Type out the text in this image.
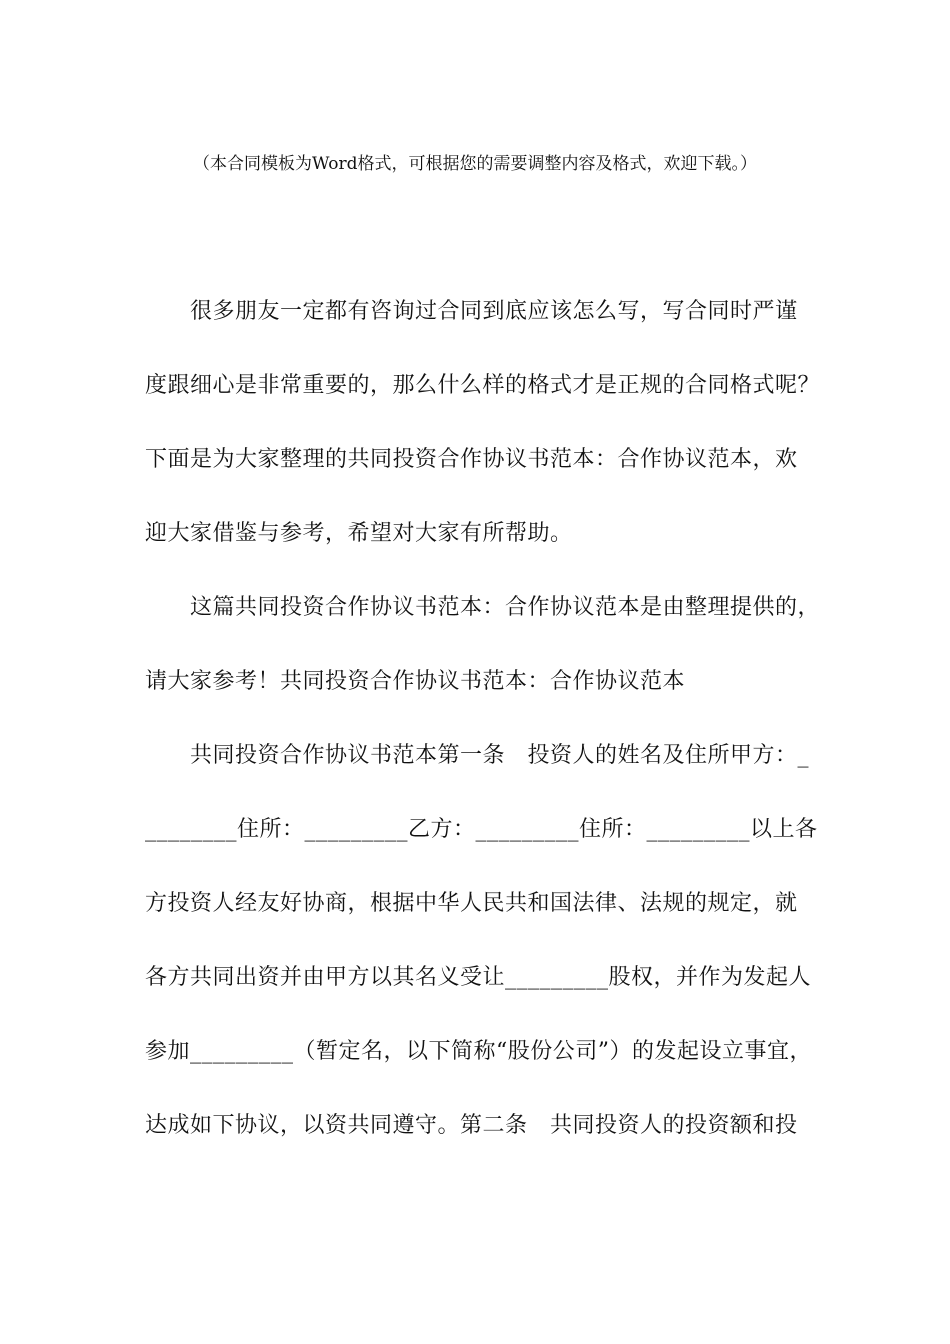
（本合同模板为Word格式，可根据您的需要调整内容及格式，欢迎下载。）
　　很多朋友一定都有咨询过合同到底应该怎么写，写合同时严谨
度跟细心是非常重要的，那么什么样的格式才是正规的合同格式呢？
下面是为大家整理的共同投资合作协议书范本：合作协议范本，欢
迎大家借鉴与参考，希望对大家有所帮助。
　　这篇共同投资合作协议书范本：合作协议范本是由整理提供的，
请大家参考！共同投资合作协议书范本：合作协议范本
　　共同投资合作协议书范本第一条　投资人的姓名及住所甲方：_
________住所：_________乙方：_________住所：_________以上各
方投资人经友好协商，根据中华人民共和国法律、法规的规定，就
各方共同出资并由甲方以其名义受让_________股权，并作为发起人
参加_________（暂定名，以下简称“股份公司”）的发起设立事宜，
达成如下协议，以资共同遵守。第二条　共同投资人的投资额和投
